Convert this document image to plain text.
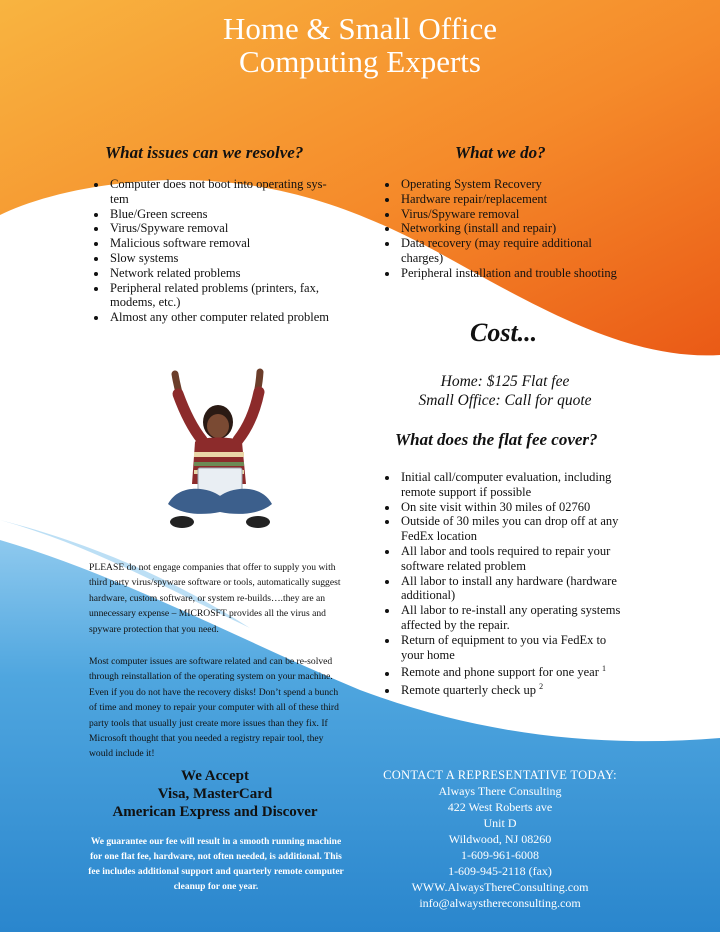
Home & Small Office
Computing Experts
What issues can we resolve?
• Computer does not boot into operating sys-tem
• Blue/Green screens
• Virus/Spyware removal
• Malicious software removal
• Slow systems
• Network related problems
• Peripheral related problems (printers, fax, modems, etc.)
• Almost any other computer related problem
What we do?
• Operating System Recovery
• Hardware repair/replacement
• Virus/Spyware removal
• Networking (install and repair)
• Data recovery (may require additional charges)
• Peripheral installation and trouble shooting
Cost...
Home: $125 Flat fee
Small Office: Call for quote
What does the flat fee cover?
• Initial call/computer evaluation, including remote support if possible
• On site visit within 30 miles of 02760
• Outside of 30 miles you can drop off at any FedEx location
• All labor and tools required to repair your software related problem
• All labor to install any hardware (hardware additional)
• All labor to re-install any operating systems affected by the repair.
• Return of equipment to you via FedEx to your home
• Remote and phone support for one year $^1$
• Remote quarterly check up $^2$
PLEASE do not engage companies that offer to supply you with third party virus/spyware software or tools, automatically suggest hardware, custom software, or system re-builds….they are an unnecessary expense – MICROSFT provides all the virus and spyware protection that you need.
Most computer issues are software related and can be re-solved through reinstallation of the operating system on your machine. Even if you do not have the recovery disks! Don’t spend a bunch of time and money to repair your computer with all of these third party tools that usually just create more issues than they fix. If Microsoft thought that you needed a registry repair tool, they would include it!
We Accept
Visa, MasterCard
American Express and Discover
We guarantee our fee will result in a smooth running machine for one flat fee, hardware, not often needed, is additional. This fee includes additional support and quarterly remote computer cleanup for one year.
CONTACT A REPRESENTATIVE TODAY:
Always There Consulting
422 West Roberts ave
Unit D
Wildwood, NJ 08260
1-609-961-6008
1-609-945-2118 (fax)
WWW.AlwaysThereConsulting.com
info@alwaysthereconsulting.com
